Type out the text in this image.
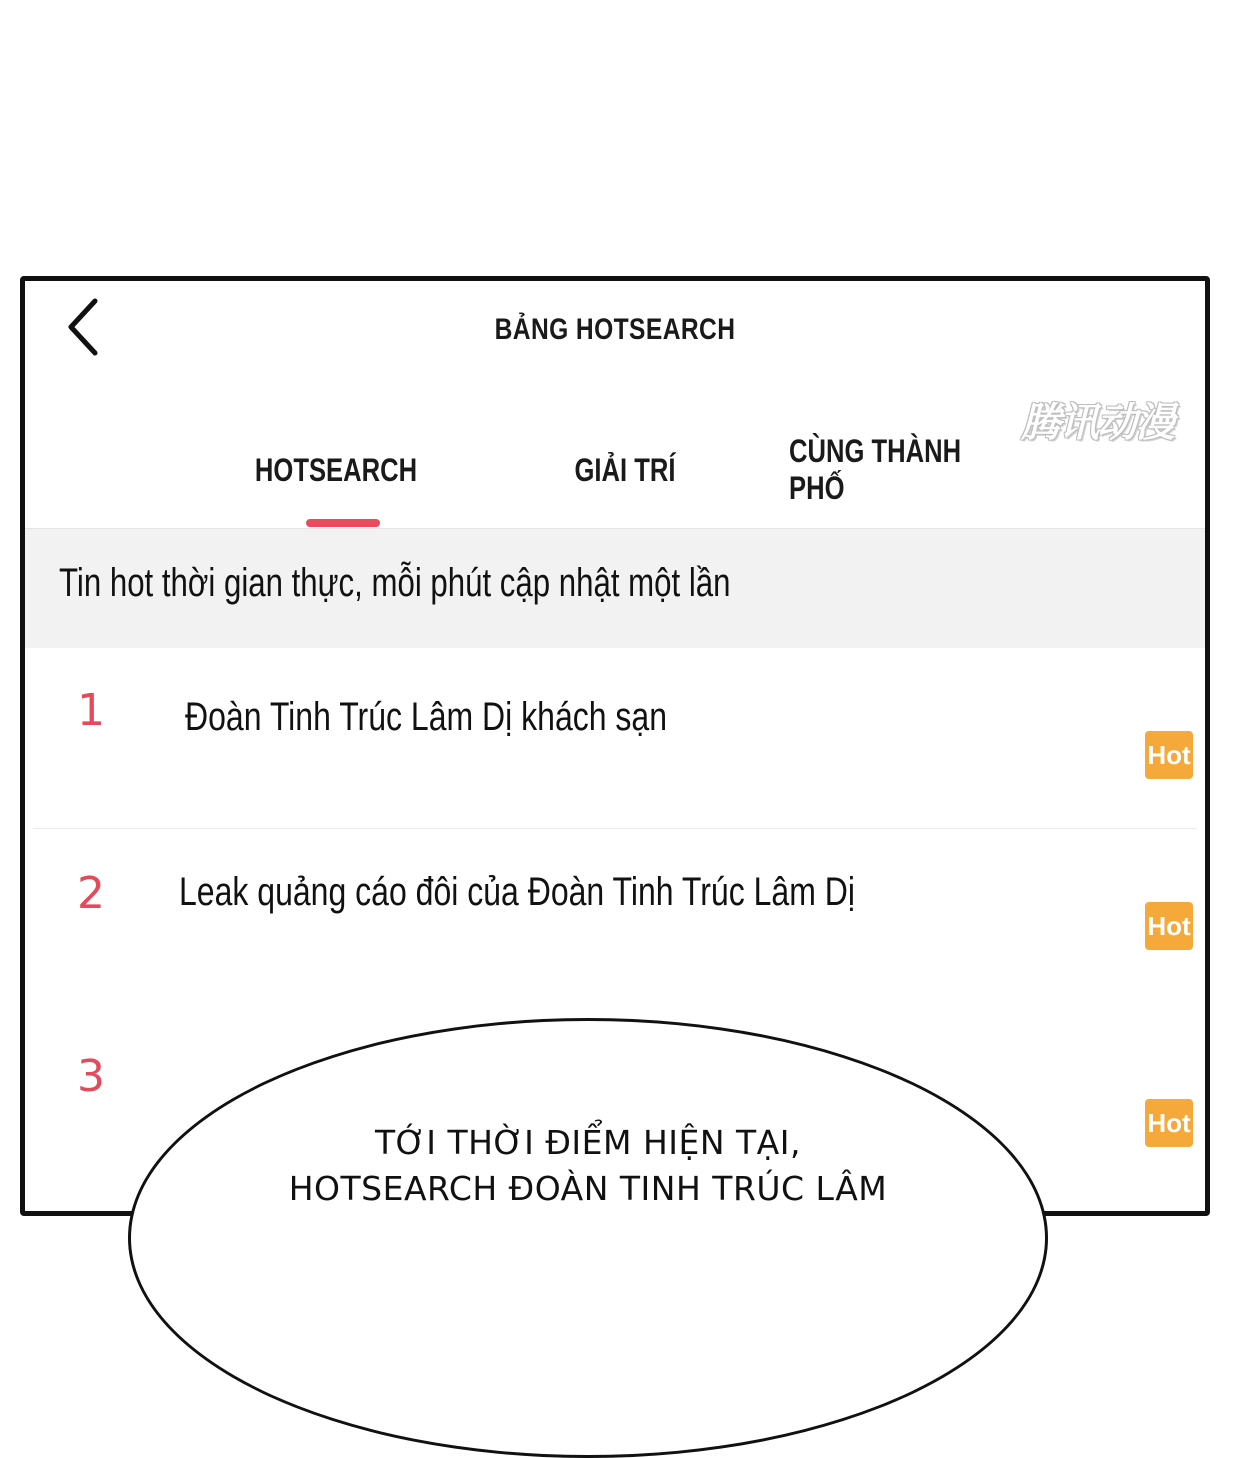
BẢNG HOTSEARCH
腾讯动漫
HOTSEARCH	GIẢI TRÍ
CÙNG THÀNH PHỐ
Tin hot thời gian thực, mỗi phút cập nhật một lần
1 Đoàn Tinh Trúc Lâm Dị khách sạn
Hot
2 Leak quảng cáo đôi của Đoàn Tinh Trúc Lâm Dị
Hot
3
Hot
TỚI THỜI ĐIỂM HIỆN TẠI,
HOTSEARCH ĐOÀN TINH TRÚC LÂM
